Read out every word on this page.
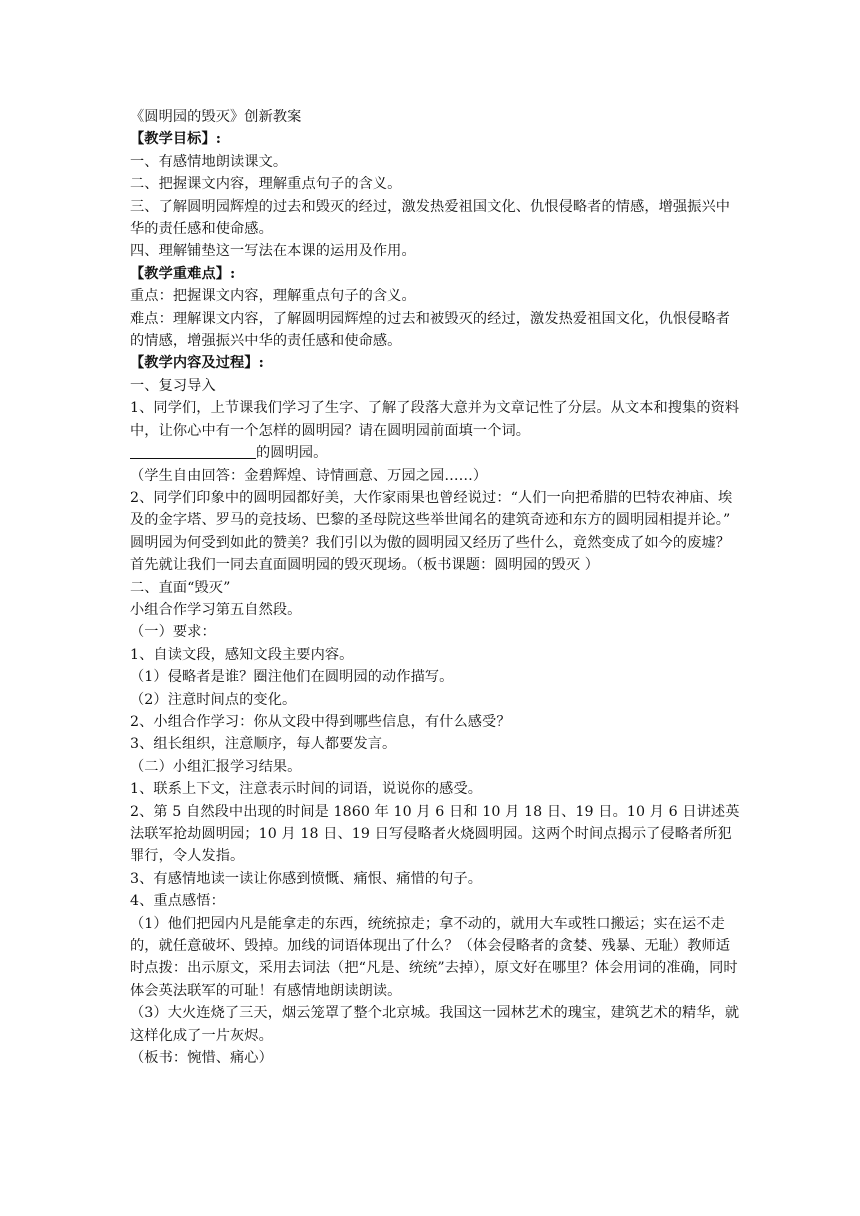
《圆明园的毁灭》创新教案

【教学目标】:

一、有感情地朗读课文。

二、把握课文内容，理解重点句子的含义。

三、了解圆明园辉煌的过去和毁灭的经过，激发热爱祖国文化、仇恨侵略者的情感，增强振兴中华的责任感和使命感。

四、理解铺垫这一写法在本课的运用及作用。

【教学重难点】:

重点：把握课文内容，理解重点句子的含义。

难点：理解课文内容，了解圆明园辉煌的过去和被毁灭的经过，激发热爱祖国文化，仇恨侵略者的情感，增强振兴中华的责任感和使命感。

【教学内容及过程】:

一、复习导入

1、同学们，上节课我们学习了生字、了解了段落大意并为文章记性了分层。从文本和搜集的资料中，让你心中有一个怎样的圆明园？请在圆明园前面填一个词。

的圆明园。

（学生自由回答：金碧辉煌、诗情画意、万园之园……）

2、同学们印象中的圆明园都好美，大作家雨果也曾经说过：“人们一向把希腊的巴特农神庙、埃及的金字塔、罗马的竞技场、巴黎的圣母院这些举世闻名的建筑奇迹和东方的圆明园相提并论。”

圆明园为何受到如此的赞美？我们引以为傲的圆明园又经历了些什么，竟然变成了如今的废墟？首先就让我们一同去直面圆明园的毁灭现场。（板书课题：圆明园的毁灭 ）

二、直面“毁灭”

小组合作学习第五自然段。

（一）要求：

1、自读文段，感知文段主要内容。

（1）侵略者是谁？圈注他们在圆明园的动作描写。

（2）注意时间点的变化。

2、小组合作学习：你从文段中得到哪些信息，有什么感受？

3、组长组织，注意顺序，每人都要发言。

（二）小组汇报学习结果。

1、联系上下文，注意表示时间的词语，说说你的感受。

2、第 5 自然段中出现的时间是 1860 年 10 月 6 日和 10 月 18 日、19 日。10 月 6 日讲述英法联军抢劫圆明园；10 月 18 日、19 日写侵略者火烧圆明园。这两个时间点揭示了侵略者所犯罪行，令人发指。

3、有感情地读一读让你感到愤慨、痛恨、痛惜的句子。

4、重点感悟：

（1）他们把园内凡是能拿走的东西，统统掠走；拿不动的，就用大车或牲口搬运；实在运不走的，就任意破坏、毁掉。加线的词语体现出了什么？（体会侵略者的贪婪、残暴、无耻）教师适时点拨：出示原文，采用去词法（把“凡是、统统”去掉），原文好在哪里？体会用词的准确，同时体会英法联军的可耻！有感情地朗读朗读。

（3）大火连烧了三天，烟云笼罩了整个北京城。我国这一园林艺术的瑰宝，建筑艺术的精华，就这样化成了一片灰烬。

（板书：惋惜、痛心）
